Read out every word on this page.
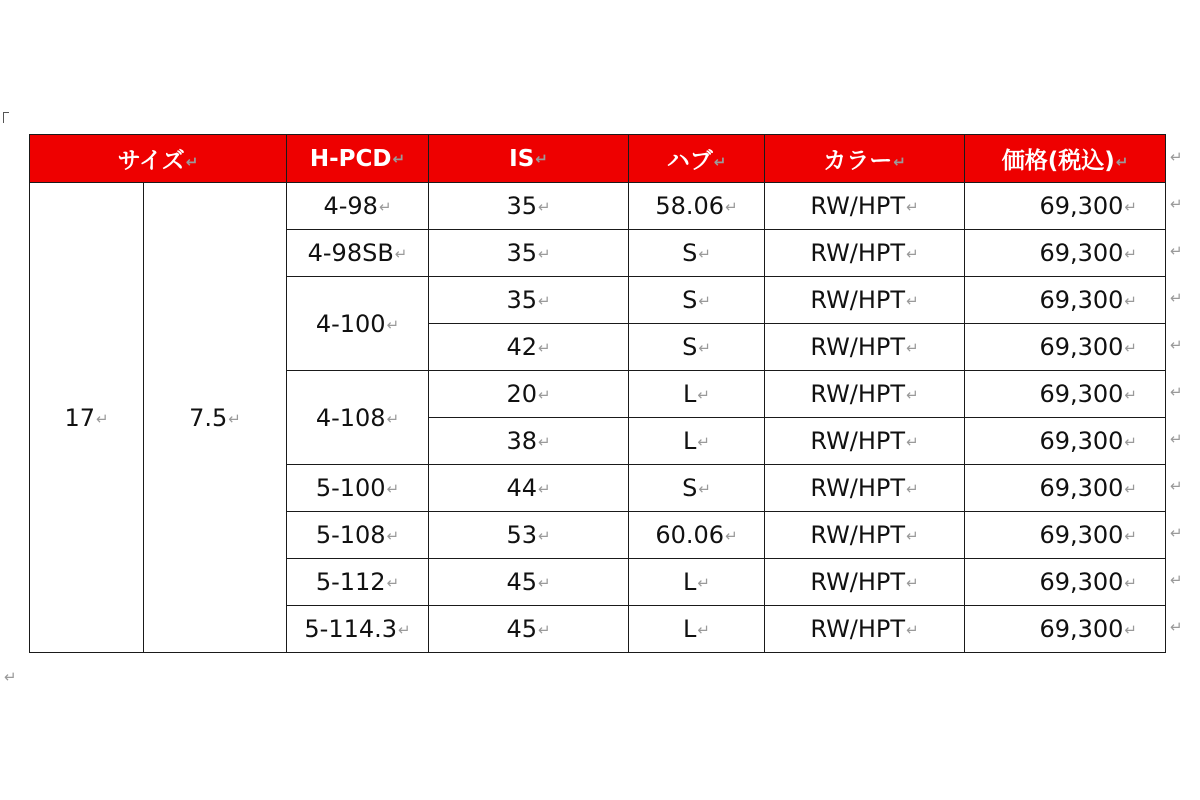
サイズ↵		H-PCD↵	IS↵	ハブ↵	カラー↵	価格(税込)↵
17↵	7.5↵	4-98↵	35↵	58.06↵	RW/HPT↵	69,300↵
		4-98SB↵	35↵	S↵	RW/HPT↵	69,300↵
		4-100↵	35↵	S↵	RW/HPT↵	69,300↵
			42↵	S↵	RW/HPT↵	69,300↵
		4-108↵	20↵	L↵	RW/HPT↵	69,300↵
			38↵	L↵	RW/HPT↵	69,300↵
		5-100↵	44↵	S↵	RW/HPT↵	69,300↵
		5-108↵	53↵	60.06↵	RW/HPT↵	69,300↵
		5-112↵	45↵	L↵	RW/HPT↵	69,300↵
		5-114.3↵	45↵	L↵	RW/HPT↵	69,300↵
↵
↵
↵
↵
↵
↵
↵
↵
↵
↵
↵
↵
